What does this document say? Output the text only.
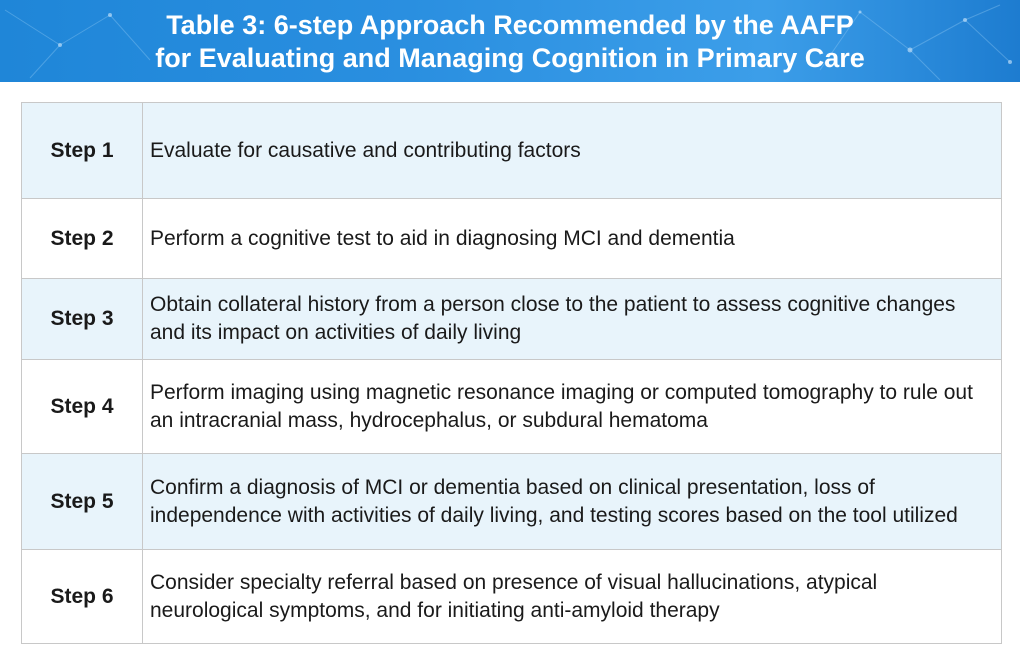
Table 3: 6-step Approach Recommended by the AAFP
for Evaluating and Managing Cognition in Primary Care
Step 1	Evaluate for causative and contributing factors
Step 2	Perform a cognitive test to aid in diagnosing MCI and dementia
Step 3	Obtain collateral history from a person close to the patient to assess cognitive changes and its impact on activities of daily living
Step 4	Perform imaging using magnetic resonance imaging or computed tomography to rule out an intracranial mass, hydrocephalus, or subdural hematoma
Step 5	Confirm a diagnosis of MCI or dementia based on clinical presentation, loss of independence with activities of daily living, and testing scores based on the tool utilized
Step 6	Consider specialty referral based on presence of visual hallucinations, atypical neurological symptoms, and for initiating anti-amyloid therapy
